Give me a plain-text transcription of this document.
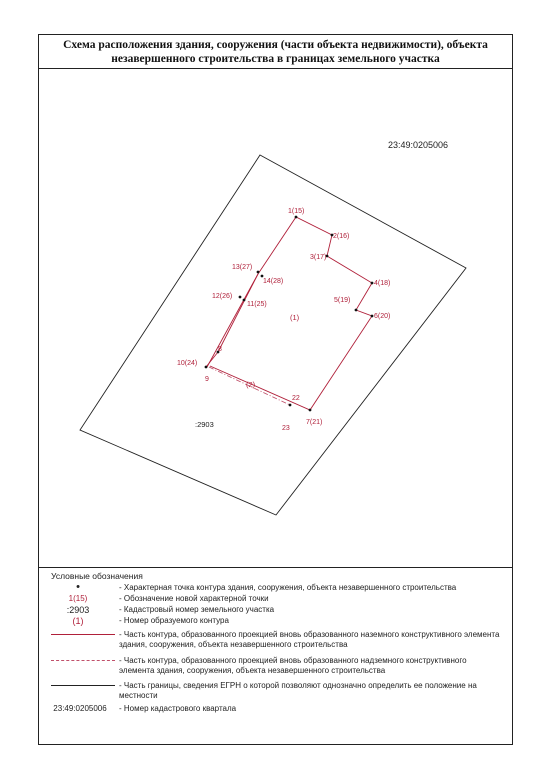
Схема расположения здания, сооружения (части объекта недвижимости), объекта незавершенного строительства в границах земельного участка
Условные обозначения
•	- Характерная точка контура здания, сооружения, объекта незавершенного строительства
1(15)	- Обозначение новой характерной точки
:2903	- Кадастровый номер земельного участка
(1)	- Номер образуемого контура
- Часть контура, образованного проекцией вновь образованного наземного конструктивного элемента здания, сооружения, объекта незавершенного строительства
- Часть контура, образованного проекцией вновь образованного надземного конструктивного элемента здания, сооружения, объекта незавершенного строительства
- Часть границы, сведения ЕГРН о которой позволяют однозначно определить ее положение на местности
23:49:0205006	- Номер кадастрового квартала
1(15)
2(16)
3(17)
4(18)
5(19)
6(20)
13(27)
14(28)
12(26)
11(25)
10(24)
8
9
22
7(21)
23
(1)
(2)
:2903
23:49:0205006
